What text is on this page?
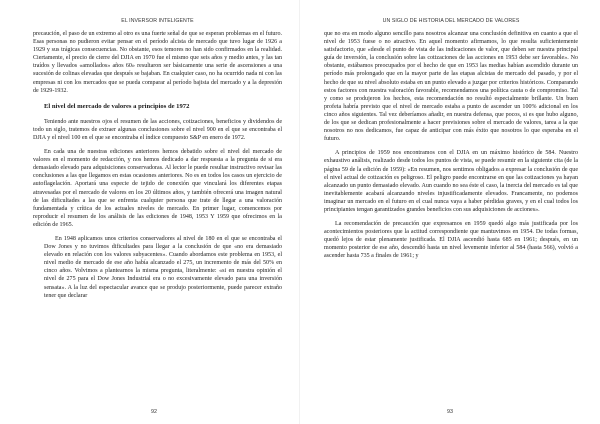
EL INVERSOR INTELIGENTE

precaución, el paso de un extremo al otro es una fuerte señal de que se esperan problemas en el futuro. Esas personas no pudieron evitar pensar en el período alcista de mercado que tuvo lugar de 1926 a 1929 y sus trágicas consecuencias. No obstante, esos temores no han sido confirmados en la realidad. Ciertamente, el precio de cierre del DJIA en 1970 fue el mismo que seis años y medio antes, y las tan traídos y llevados «amollados» años 60» resultaron ser básicamente una serie de ascensiones a una sucesión de colinas elevadas que después se bajaban. En cualquier caso, no ha ocurrido nada ni con las empresas ni con los mercados que se pueda comparar al período bajista del mercado y a la depresión de 1929-1932.

El nivel del mercado de valores a principios de 1972

Teniendo ante nuestros ojos el resumen de las acciones, cotizaciones, beneficios y dividendos de todo un siglo, tratemos de extraer algunas conclusiones sobre el nivel 900 en el que se encontraba el DJIA y el nivel 100 en el que se encontraba el índice compuesto S&P en enero de 1972.

En cada una de nuestras ediciones anteriores hemos debatido sobre el nivel del mercado de valores en el momento de redacción, y nos hemos dedicado a dar respuesta a la pregunta de si era demasiado elevado para adquisiciones conservadoras. Al lector le puede resultar instructivo revisar las conclusiones a las que llegamos en estas ocasiones anteriores. No es en todos los casos un ejercicio de autoflagelación. Aportará una especie de tejido de conexión que vinculará los diferentes etapas atravesadas por el mercado de valores en los 20 últimos años, y también ofrecerá una imagen natural de las dificultades a las que se enfrenta cualquier persona que trate de llegar a una valoración fundamentada y crítica de los actuales niveles de mercado. En primer lugar, comencemos por reproducir el resumen de los análisis de las ediciones de 1948, 1953 Y 1959 que ofrecimos en la edición de 1965.

En 1948 aplicamos unos criterios conservadores al nivel de 180 en el que se encontraba el Dow Jones y no tuvimos dificultades para llegar a la conclusión de que «no era demasiado elevado en relación con los valores subyacentes». Cuando abordamos este problema en 1953, el nivel medio de mercado de ese año había alcanzado el 275, un incremento de más del 50% en cinco años. Volvimos a plantearnos la misma pregunta, literalmente: «si en nuestra opinión el nivel de 275 para el Dow Jones Industrial era o no excesivamente elevado para una inversión sensata». A la luz del espectacular avance que se produjo posteriormente, puede parecer extraño tener que declarar

92
UN SIGLO DE HISTORIA DEL MERCADO DE VALORES

que no era en modo alguno sencillo para nosotros alcanzar una conclusión definitiva en cuanto a que el nivel de 1953 fuese o no atractivo. En aquel momento afirmamos, lo que resulta suficientemente satisfactorio, que «desde el punto de vista de las indicaciones de valor, que deben ser nuestra principal guía de inversión, la conclusión sobre las cotizaciones de las acciones en 1953 debe ser favorable». No obstante, estábamos preocupados por el hecho de que en 1953 las medias habían ascendido durante un período más prolongado que en la mayor parte de las etapas alcistas de mercado del pasado, y por el hecho de que su nivel absoluto estaba en un punto elevado a juzgar por criterios históricos. Comparando estos factores con nuestra valoración favorable, recomendamos una política cauta o de compromiso. Tal y como se produjeron los hechos, esta recomendación no resultó especialmente brillante. Un buen profeta habría previsto que el nivel de mercado estaba a punto de ascender un 100% adicional en los cinco años siguientes. Tal vez deberíamos añadir, en nuestra defensa, que pocos, si es que hubo alguno, de los que se dedican profesionalmente a hacer previsiones sobre el mercado de valores, tarea a la que nosotros no nos dedicamos, fue capaz de anticipar con más éxito que nosotros lo que esperaba en el futuro.

A principios de 1959 nos encontramos con el DJIA en un máximo histórico de 584. Nuestro exhaustivo análisis, realizado desde todos los puntos de vista, se puede resumir en la siguiente cita (de la página 59 de la edición de 1959): «En resumen, nos sentimos obligados a expresar la conclusión de que el nivel actual de cotización es peligroso. El peligro puede encontrarse en que las cotizaciones ya hayan alcanzado un punto demasiado elevado. Aun cuando no sea éste el caso, la inercia del mercado es tal que inevitablemente acabará alcanzando niveles injustificadamente elevados. Francamente, no podemos imaginar un mercado en el futuro en el cual nunca vaya a haber pérdidas graves, y en el cual todos los principiantes tengan garantizados grandes beneficios con sus adquisiciones de acciones».

La recomendación de precaución que expresamos en 1959 quedó algo más justificada por los acontecimientos posteriores que la actitud correspondiente que mantuvimos en 1954. De todas formas, quedó lejos de estar plenamente justificada. El DJIA ascendió hasta 685 en 1961; después, en un momento posterior de ese año, descendió hasta un nivel levemente inferior al 584 (hasta 566), volvió a ascender hasta 735 a finales de 1961; y

93
